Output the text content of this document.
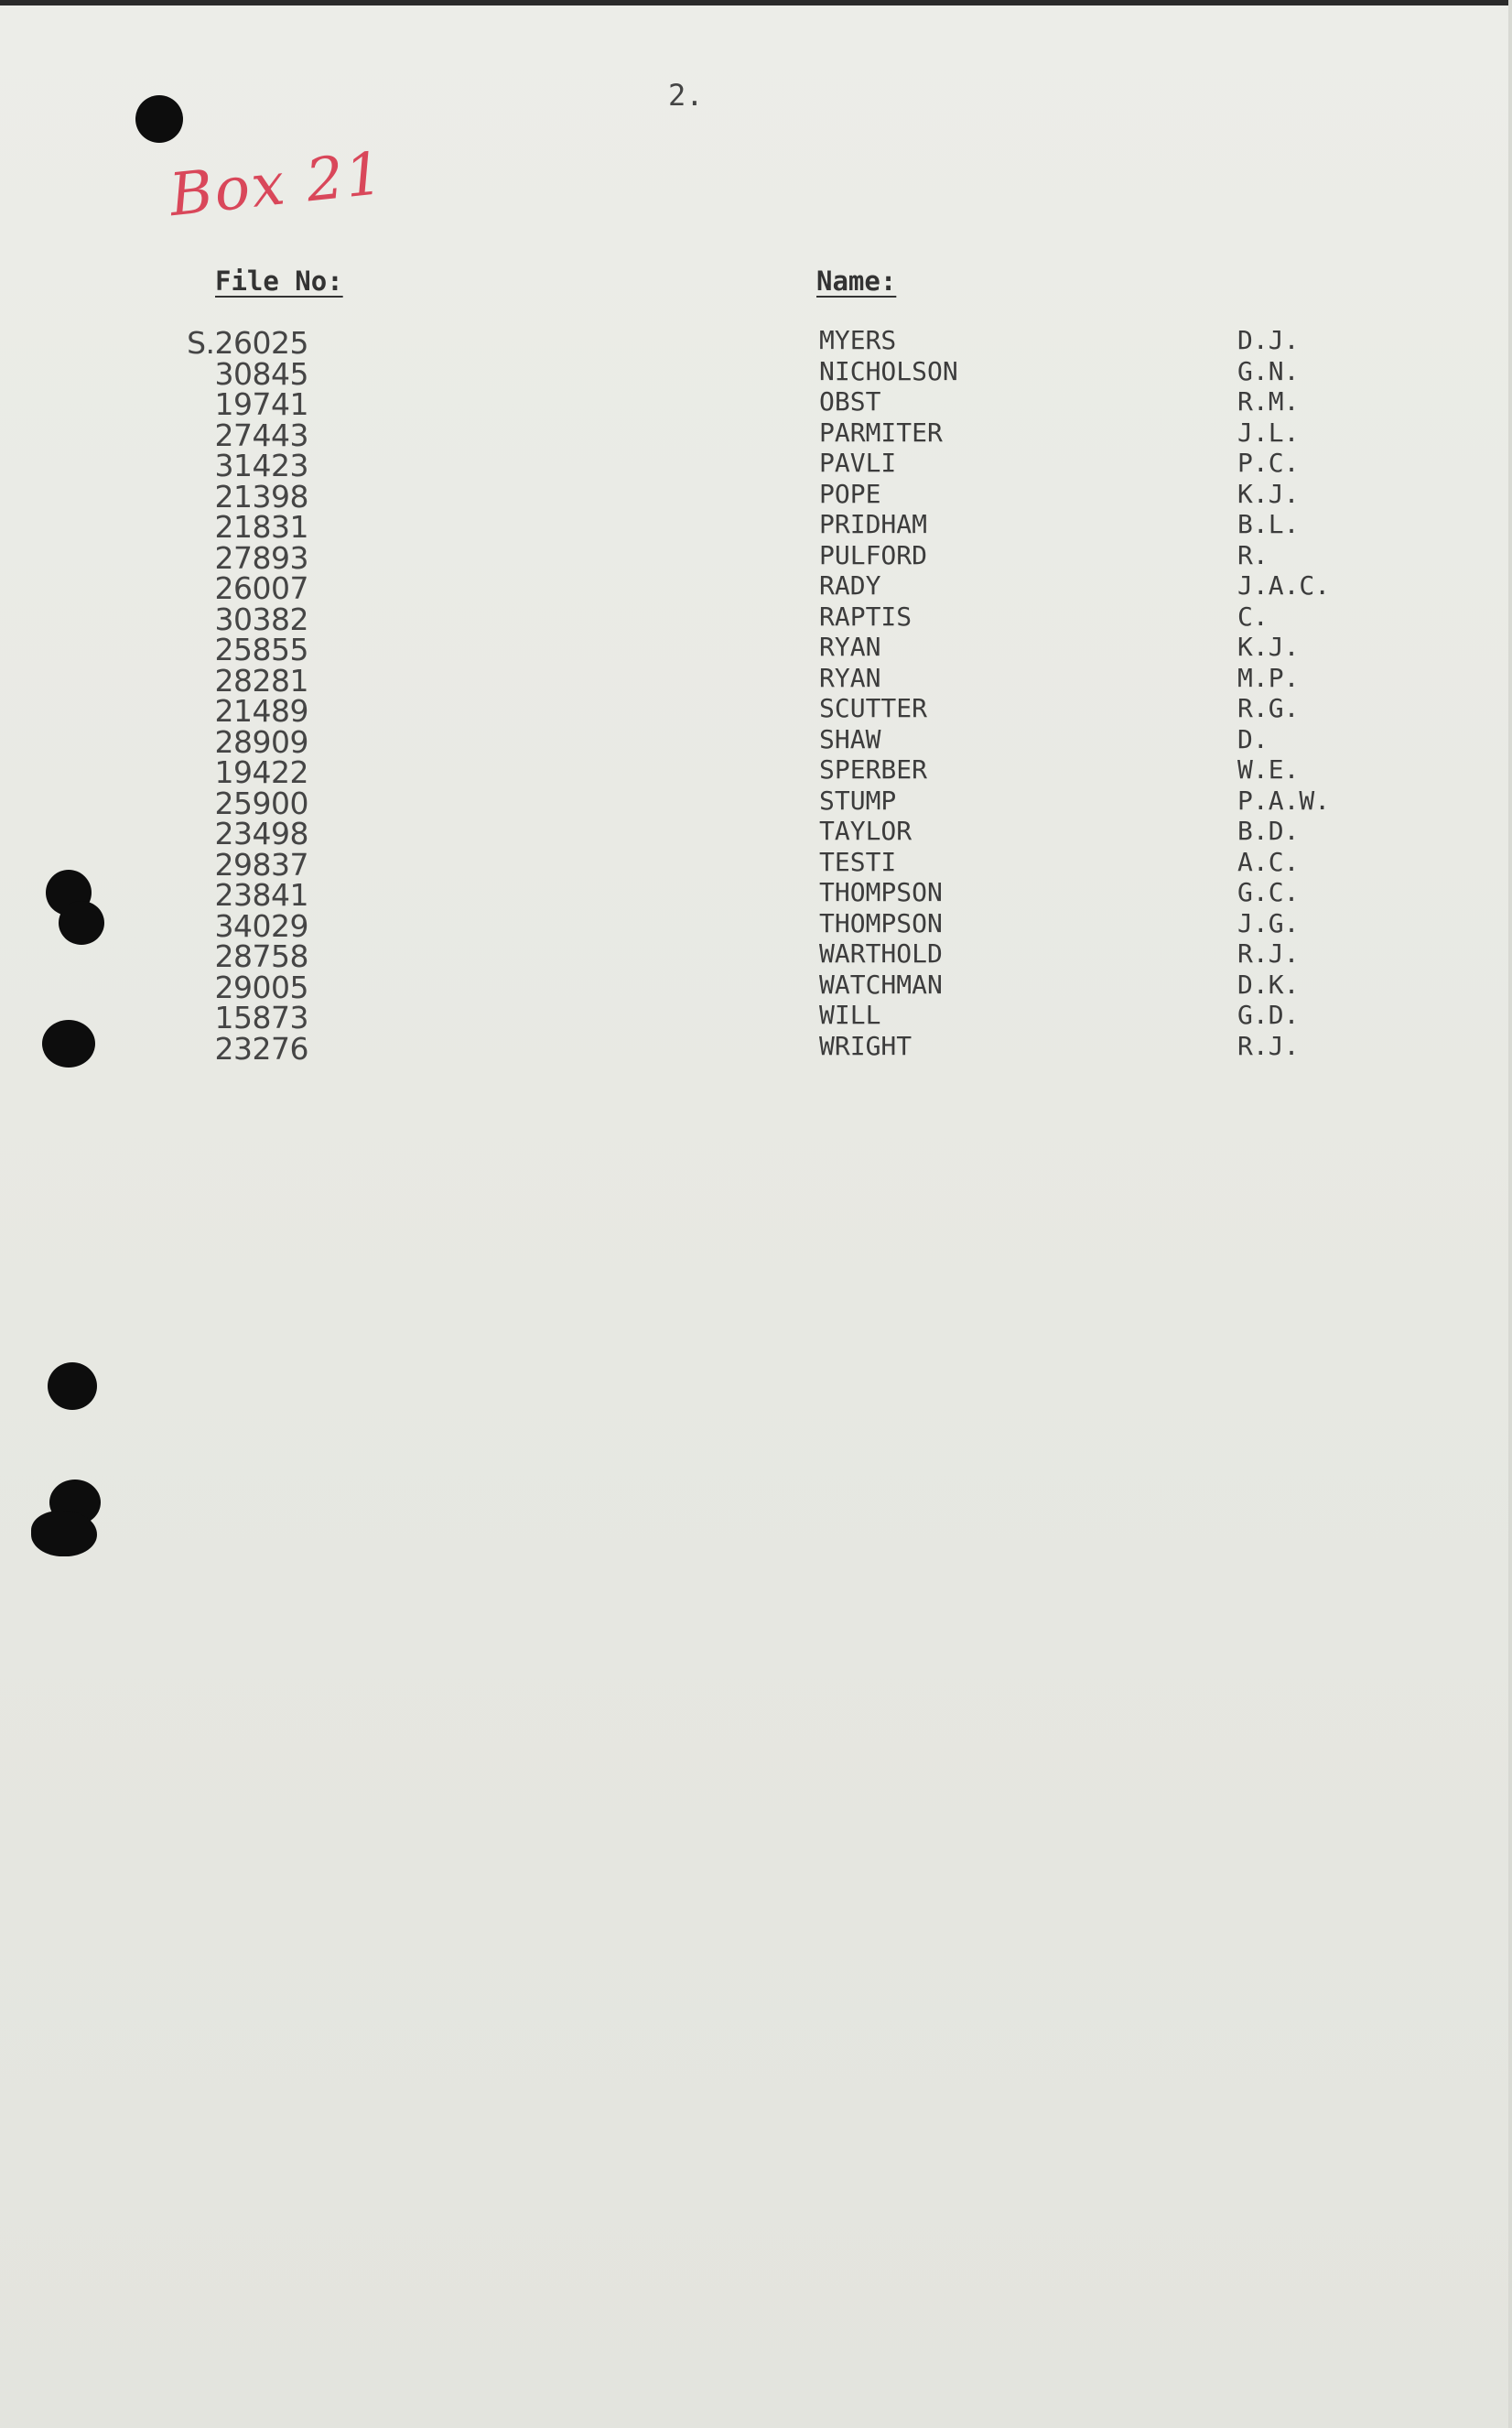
2.
Box 21
File No:	Name:
S.26025	MYERS	D.J.
30845	NICHOLSON	G.N.
19741	OBST	R.M.
27443	PARMITER	J.L.
31423	PAVLI	P.C.
21398	POPE	K.J.
21831	PRIDHAM	B.L.
27893	PULFORD	R.
26007	RADY	J.A.C.
30382	RAPTIS	C.
25855	RYAN	K.J.
28281	RYAN	M.P.
21489	SCUTTER	R.G.
28909	SHAW	D.
19422	SPERBER	W.E.
25900	STUMP	P.A.W.
23498	TAYLOR	B.D.
29837	TESTI	A.C.
23841	THOMPSON	G.C.
34029	THOMPSON	J.G.
28758	WARTHOLD	R.J.
29005	WATCHMAN	D.K.
15873	WILL	G.D.
23276	WRIGHT	R.J.
